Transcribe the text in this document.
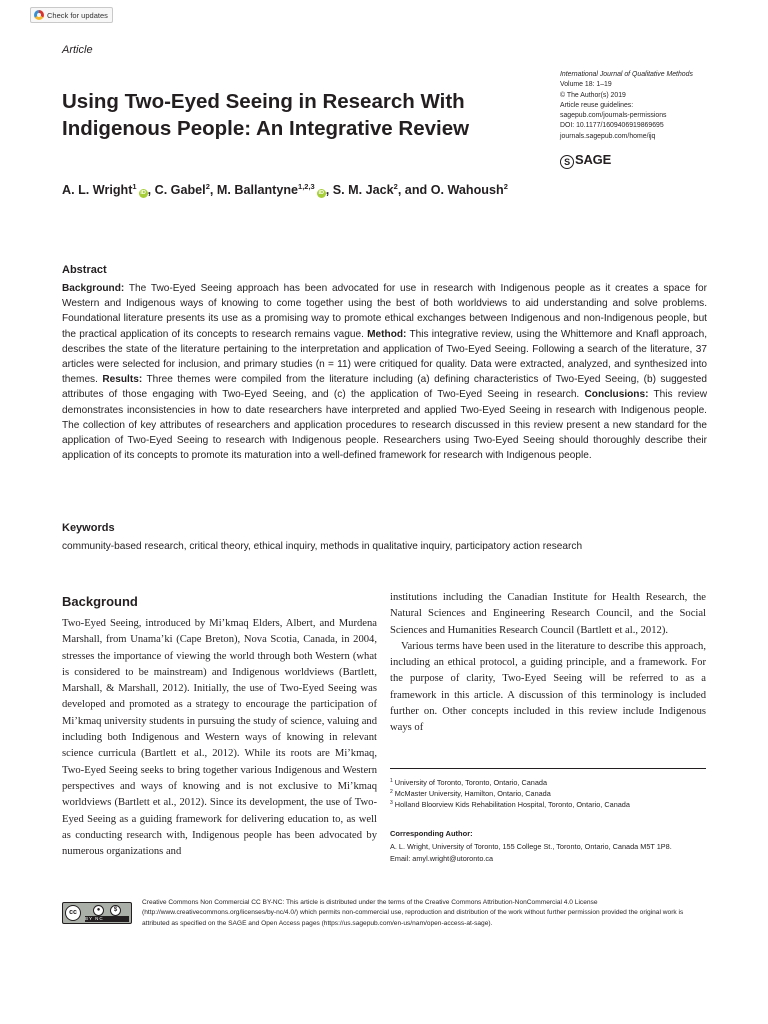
Check for updates
Article
Using Two-Eyed Seeing in Research With Indigenous People: An Integrative Review
International Journal of Qualitative Methods
Volume 18: 1–19
© The Author(s) 2019
Article reuse guidelines:
sagepub.com/journals-permissions
DOI: 10.1177/1609406919869695
journals.sagepub.com/home/ijq
S SAGE
A. L. Wright$^1$iD , C. Gabel$^2$, M. Ballantyne$^{1,2,3}$iD , S. M. Jack$^2$, and O. Wahoush$^2$
Abstract
Background: The Two-Eyed Seeing approach has been advocated for use in research with Indigenous people as it creates a space for Western and Indigenous ways of knowing to come together using the best of both worldviews to aid understanding and solve problems. Foundational literature presents its use as a promising way to promote ethical exchanges between Indigenous and non-Indigenous people, but the practical application of its concepts to research remains vague. Method: This integrative review, using the Whittemore and Knafl approach, describes the state of the literature pertaining to the interpretation and application of Two-Eyed Seeing. Following a search of the literature, 37 articles were selected for inclusion, and primary studies (n = 11) were critiqued for quality. Data were extracted, analyzed, and synthesized into themes. Results: Three themes were compiled from the literature including (a) defining characteristics of Two-Eyed Seeing, (b) suggested attributes of those engaging with Two-Eyed Seeing, and (c) the application of Two-Eyed Seeing in research. Conclusions: This review demonstrates inconsistencies in how to date researchers have interpreted and applied Two-Eyed Seeing in research with Indigenous people. The collection of key attributes of researchers and application procedures to research discussed in this review present a new standard for the application of Two-Eyed Seeing to research with Indigenous people. Researchers using Two-Eyed Seeing should thoroughly describe their application of its concepts to promote its maturation into a well-defined framework for research with Indigenous people.
Keywords
community-based research, critical theory, ethical inquiry, methods in qualitative inquiry, participatory action research
Background
Two-Eyed Seeing, introduced by Mi’kmaq Elders, Albert, and Murdena Marshall, from Unama’ki (Cape Breton), Nova Scotia, Canada, in 2004, stresses the importance of viewing the world through both Western (what is considered to be mainstream) and Indigenous worldviews (Bartlett, Marshall, & Marshall, 2012). Initially, the use of Two-Eyed Seeing was developed and promoted as a strategy to encourage the participation of Mi’kmaq university students in pursuing the study of science, valuing and including both Indigenous and Western ways of knowing in relevant science curricula (Bartlett et al., 2012). While its roots are Mi’kmaq, Two-Eyed Seeing seeks to bring together various Indigenous and Western perspectives and ways of knowing and is not exclusive to Mi’kmaq worldviews (Bartlett et al., 2012). Since its development, the use of Two-Eyed Seeing as a guiding framework for delivering education to, as well as conducting research with, Indigenous people has been advocated by numerous organizations and

institutions including the Canadian Institute for Health Research, the Natural Sciences and Engineering Research Council, and the Social Sciences and Humanities Research Council (Bartlett et al., 2012).

Various terms have been used in the literature to describe this approach, including an ethical protocol, a guiding principle, and a framework. For the purpose of clarity, Two-Eyed Seeing will be referred to as a framework in this article. A discussion of this terminology is included further on. Other concepts included in this review include Indigenous ways of

$^1$ University of Toronto, Toronto, Ontario, Canada
$^2$ McMaster University, Hamilton, Ontario, Canada
$^3$ Holland Bloorview Kids Rehabilitation Hospital, Toronto, Ontario, Canada
Corresponding Author:
A. L. Wright, University of Toronto, 155 College St., Toronto, Ontario, Canada M5T 1P8.
Email: amyl.wright@utoronto.ca
cc	●	$
BY NC
Creative Commons Non Commercial CC BY-NC: This article is distributed under the terms of the Creative Commons Attribution-NonCommercial 4.0 License (http://www.creativecommons.org/licenses/by-nc/4.0/) which permits non-commercial use, reproduction and distribution of the work without further permission provided the original work is attributed as specified on the SAGE and Open Access pages (https://us.sagepub.com/en-us/nam/open-access-at-sage).
